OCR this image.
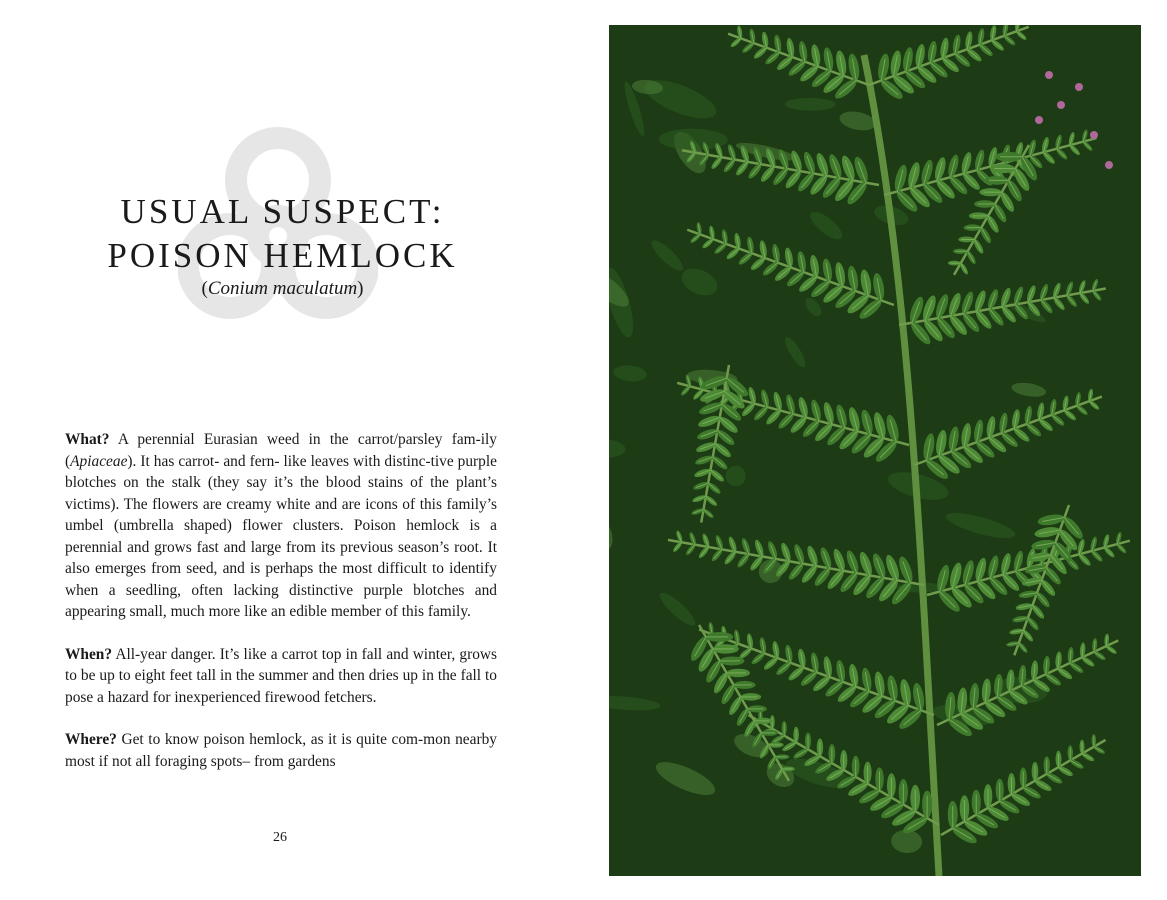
USUAL SUSPECT:
POISON HEMLOCK
(Conium maculatum)

What? A perennial Eurasian weed in the carrot/parsley fam-ily (Apiaceae). It has carrot- and fern- like leaves with distinc-tive purple blotches on the stalk (they say it’s the blood stains of the plant’s victims). The flowers are creamy white and are icons of this family’s umbel (umbrella shaped) flower clusters. Poison hemlock is a perennial and grows fast and large from its previous season’s root. It also emerges from seed, and is perhaps the most difficult to identify when a seedling, often lacking distinctive purple blotches and appearing small, much more like an edible member of this family.

When? All-year danger. It’s like a carrot top in fall and winter, grows to be up to eight feet tall in the summer and then dries up in the fall to pose a hazard for inexperienced firewood fetchers.

Where? Get to know poison hemlock, as it is quite com-mon nearby most if not all foraging spots– from gardens

26
